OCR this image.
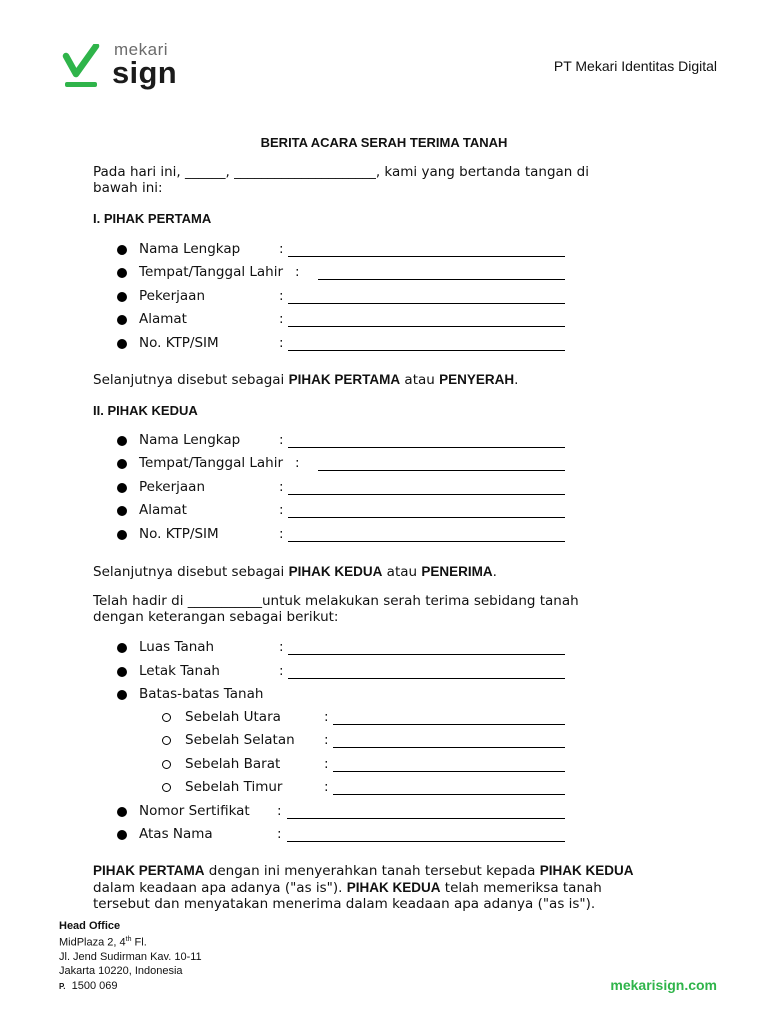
mekari
sign	PT Mekari Identitas Digital
BERITA ACARA SERAH TERIMA TANAH
Pada hari ini, ______, _____________________, kami yang bertanda tangan di
bawah ini:
I. PIHAK PERTAMA
Nama Lengkap	:
Tempat/Tanggal Lahir :
Pekerjaan	:
Alamat	:
No. KTP/SIM	:
Selanjutnya disebut sebagai PIHAK PERTAMA atau PENYERAH.
II. PIHAK KEDUA
Nama Lengkap	:
Tempat/Tanggal Lahir :
Pekerjaan	:
Alamat	:
No. KTP/SIM	:
Selanjutnya disebut sebagai PIHAK KEDUA atau PENERIMA.
Telah hadir di ___________untuk melakukan serah terima sebidang tanah
dengan keterangan sebagai berikut:
Luas Tanah	:
Letak Tanah	:
Batas-batas Tanah
Sebelah Utara	:
Sebelah Selatan :
Sebelah Barat	:
Sebelah Timur	:
Nomor Sertifikat :
Atas Nama	:
PIHAK PERTAMA dengan ini menyerahkan tanah tersebut kepada PIHAK KEDUA
dalam keadaan apa adanya ("as is"). PIHAK KEDUA telah memeriksa tanah
tersebut dan menyatakan menerima dalam keadaan apa adanya ("as is").
Head Office
MidPlaza 2, 4th Fl.
Jl. Jend Sudirman Kav. 10-11
Jakarta 10220, Indonesia
P. 1500 069	mekarisign.com
